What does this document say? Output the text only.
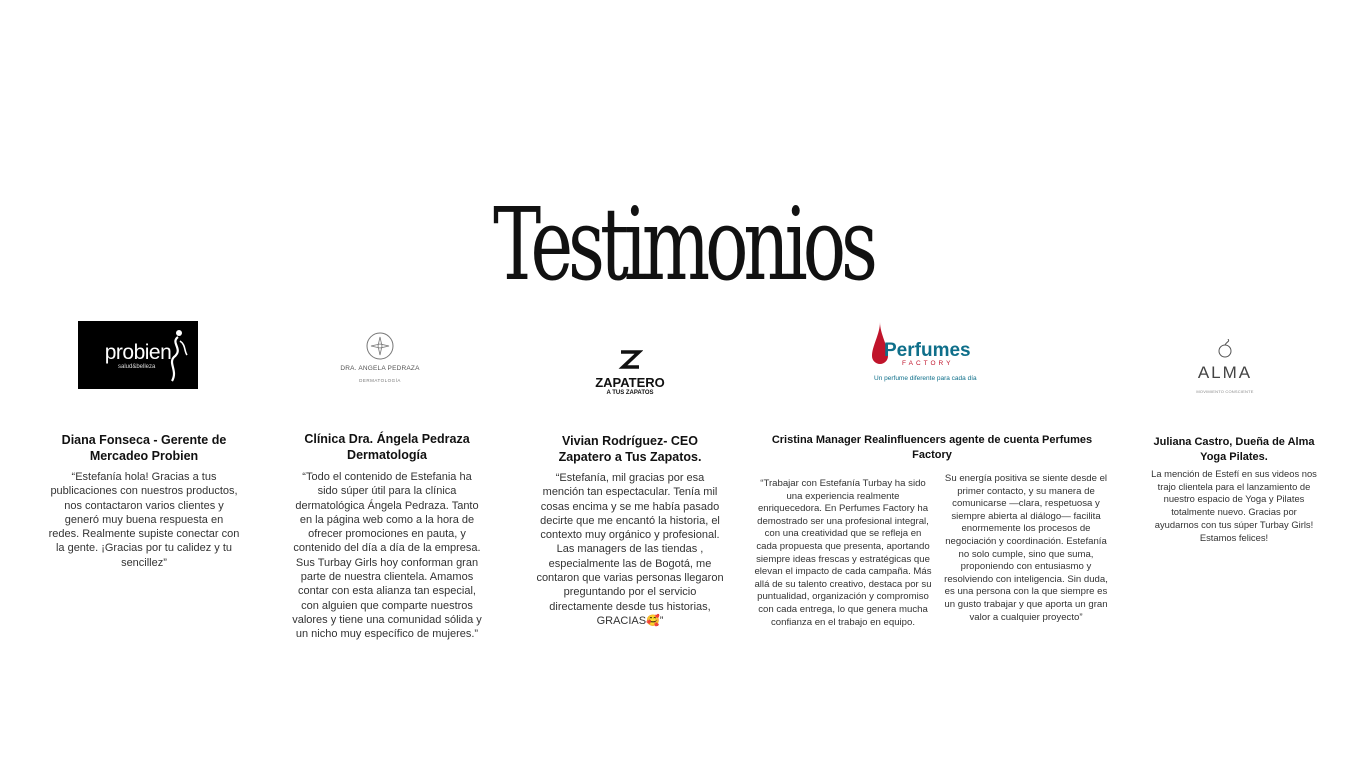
Testimonios
probien
salud&belleza	DRA. ANGELA PEDRAZA
DERMATOLOGÍA	ZAPATERO
A TUS ZAPATOS
Perfumes
FACTORY
Un perfume diferente para cada día	ALMA
MOVIMIENTO CONSCIENTE
Diana Fonseca - Gerente de Mercadeo Probien
Clínica Dra. Ángela Pedraza Dermatología
Vivian Rodríguez- CEO Zapatero a Tus Zapatos.
Cristina Manager Realinfluencers agente de cuenta Perfumes Factory
Juliana Castro, Dueña de Alma Yoga Pilates.

“Estefanía hola! Gracias a tus publicaciones con nuestros productos, nos contactaron varios clientes y generó muy buena respuesta en redes. Realmente supiste conectar con la gente. ¡Gracias por tu calidez y tu sencillez”

“Todo el contenido de Estefania ha sido súper útil para la clínica dermatológica Ángela Pedraza. Tanto en la página web como a la hora de ofrecer promociones en pauta, y contenido del día a día de la empresa. Sus Turbay Girls hoy conforman gran parte de nuestra clientela. Amamos contar con esta alianza tan especial, con alguien que comparte nuestros valores y tiene una comunidad sólida y un nicho muy específico de mujeres.”

“Estefanía, mil gracias por esa mención tan espectacular. Tenía mil cosas encima y se me había pasado decirte que me encantó la historia, el contexto muy orgánico y profesional.
Las managers de las tiendas , especialmente las de Bogotá, me contaron que varias personas llegaron preguntando por el servicio directamente desde tus historias, GRACIAS🥰”

“Trabajar con Estefanía Turbay ha sido una experiencia realmente enriquecedora. En Perfumes Factory ha demostrado ser una profesional integral, con una creatividad que se refleja en cada propuesta que presenta, aportando siempre ideas frescas y estratégicas que elevan el impacto de cada campaña. Más allá de su talento creativo, destaca por su puntualidad, organización y compromiso con cada entrega, lo que genera mucha confianza en el trabajo en equipo.

Su energía positiva se siente desde el primer contacto, y su manera de comunicarse —clara, respetuosa y siempre abierta al diálogo— facilita enormemente los procesos de negociación y coordinación. Estefanía no solo cumple, sino que suma, proponiendo con entusiasmo y resolviendo con inteligencia. Sin duda, es una persona con la que siempre es un gusto trabajar y que aporta un gran valor a cualquier proyecto”

La mención de Estefí en sus videos nos trajo clientela para el lanzamiento de nuestro espacio de Yoga y Pilates totalmente nuevo. Gracias por ayudarnos con tus súper Turbay Girls! Estamos felices!
